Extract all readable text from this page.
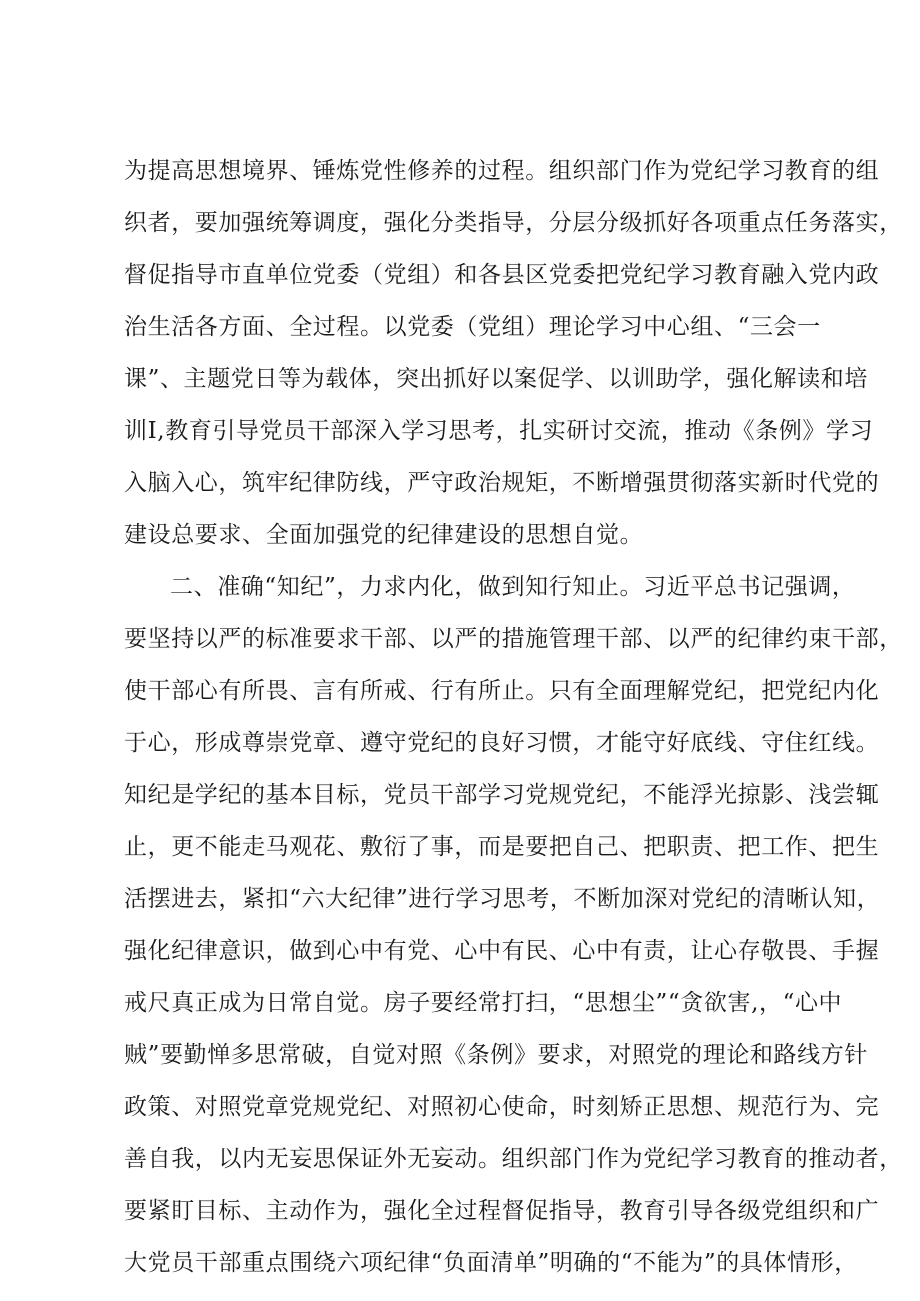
为提高思想境界、锤炼党性修养的过程。组织部门作为党纪学习教育的组
织者，要加强统筹调度，强化分类指导，分层分级抓好各项重点任务落实，
督促指导市直单位党委（党组）和各县区党委把党纪学习教育融入党内政
治生活各方面、全过程。以党委（党组）理论学习中心组、“三会一
课”、主题党日等为载体，突出抓好以案促学、以训助学，强化解读和培
训I,教育引导党员干部深入学习思考，扎实研讨交流，推动《条例》学习
入脑入心，筑牢纪律防线，严守政治规矩，不断增强贯彻落实新时代党的
建设总要求、全面加强党的纪律建设的思想自觉。
二、准确“知纪”，力求内化，做到知行知止。习近平总书记强调，
要坚持以严的标准要求干部、以严的措施管理干部、以严的纪律约束干部，
使干部心有所畏、言有所戒、行有所止。只有全面理解党纪，把党纪内化
于心，形成尊崇党章、遵守党纪的良好习惯，才能守好底线、守住红线。
知纪是学纪的基本目标，党员干部学习党规党纪，不能浮光掠影、浅尝辄
止，更不能走马观花、敷衍了事，而是要把自己、把职责、把工作、把生
活摆进去，紧扣“六大纪律”进行学习思考，不断加深对党纪的清晰认知，
强化纪律意识，做到心中有党、心中有民、心中有责，让心存敬畏、手握
戒尺真正成为日常自觉。房子要经常打扫，“思想尘”“贪欲害,，“心中
贼”要勤惮多思常破，自觉对照《条例》要求，对照党的理论和路线方针
政策、对照党章党规党纪、对照初心使命，时刻矫正思想、规范行为、完
善自我，以内无妄思保证外无妄动。组织部门作为党纪学习教育的推动者，
要紧盯目标、主动作为，强化全过程督促指导，教育引导各级党组织和广
大党员干部重点围绕六项纪律“负面清单”明确的“不能为”的具体情形，
